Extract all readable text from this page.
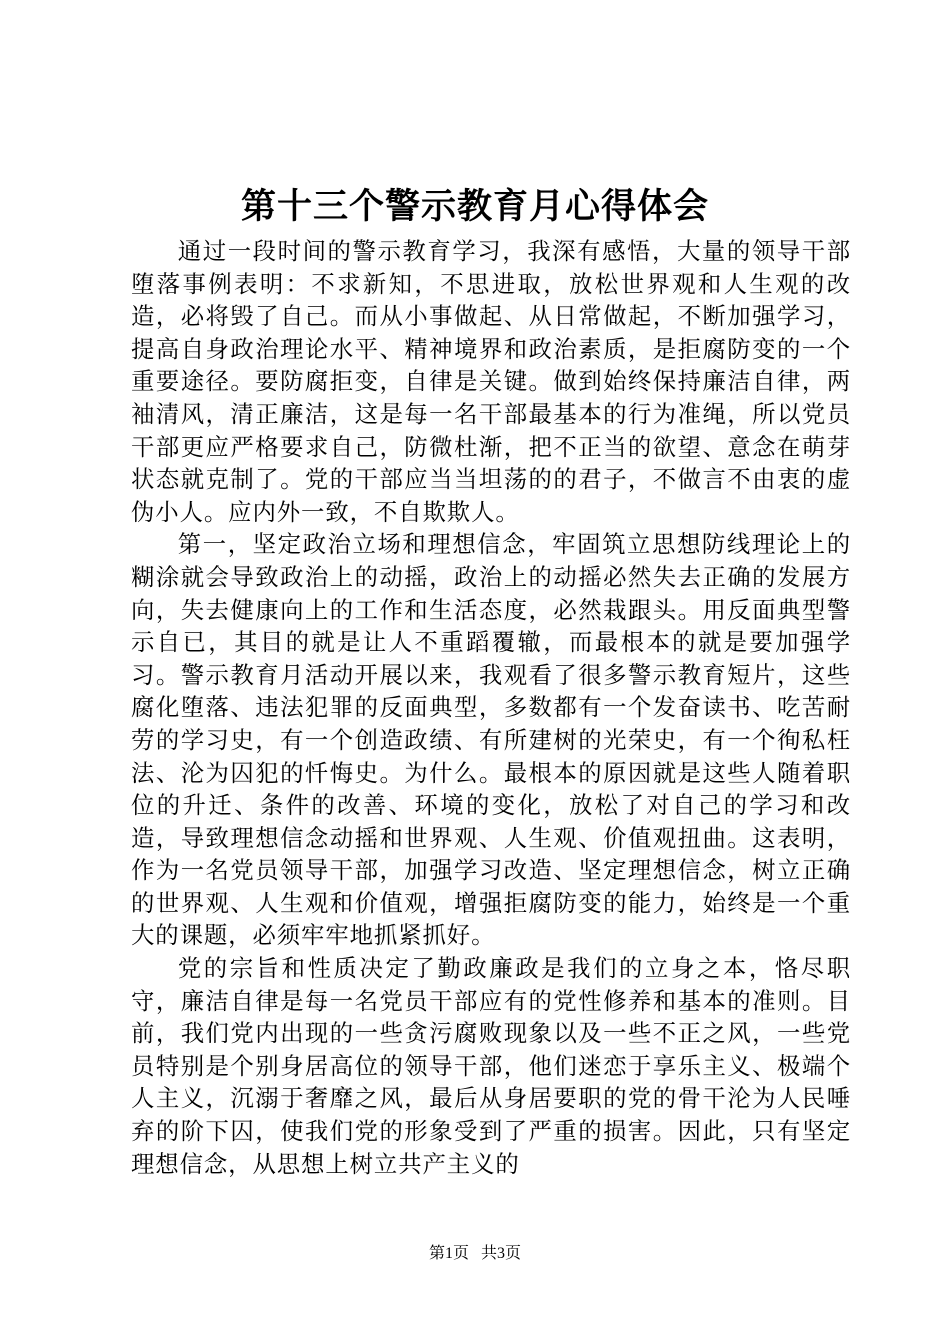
第十三个警示教育月心得体会

通过一段时间的警示教育学习，我深有感悟，大量的领导干部堕落事例表明：不求新知，不思进取，放松世界观和人生观的改造，必将毁了自己。而从小事做起、从日常做起，不断加强学习，提高自身政治理论水平、精神境界和政治素质，是拒腐防变的一个重要途径。要防腐拒变，自律是关键。做到始终保持廉洁自律，两袖清风，清正廉洁，这是每一名干部最基本的行为准绳，所以党员干部更应严格要求自己，防微杜渐，把不正当的欲望、意念在萌芽状态就克制了。党的干部应当当坦荡的的君子，不做言不由衷的虚伪小人。应内外一致，不自欺欺人。

第一，坚定政治立场和理想信念，牢固筑立思想防线理论上的糊涂就会导致政治上的动摇，政治上的动摇必然失去正确的发展方向，失去健康向上的工作和生活态度，必然栽跟头。用反面典型警示自已，其目的就是让人不重蹈覆辙，而最根本的就是要加强学习。警示教育月活动开展以来，我观看了很多警示教育短片，这些腐化堕落、违法犯罪的反面典型，多数都有一个发奋读书、吃苦耐劳的学习史，有一个创造政绩、有所建树的光荣史，有一个徇私枉法、沦为囚犯的忏悔史。为什么。最根本的原因就是这些人随着职位的升迁、条件的改善、环境的变化，放松了对自己的学习和改造，导致理想信念动摇和世界观、人生观、价值观扭曲。这表明，作为一名党员领导干部，加强学习改造、坚定理想信念，树立正确的世界观、人生观和价值观，增强拒腐防变的能力，始终是一个重大的课题，必须牢牢地抓紧抓好。

党的宗旨和性质决定了勤政廉政是我们的立身之本，恪尽职守，廉洁自律是每一名党员干部应有的党性修养和基本的准则。目前，我们党内出现的一些贪污腐败现象以及一些不正之风，一些党员特别是个别身居高位的领导干部，他们迷恋于享乐主义、极端个人主义，沉溺于奢靡之风，最后从身居要职的党的骨干沦为人民唾弃的阶下囚，使我们党的形象受到了严重的损害。因此，只有坚定理想信念，从思想上树立共产主义的

第1页 共3页
